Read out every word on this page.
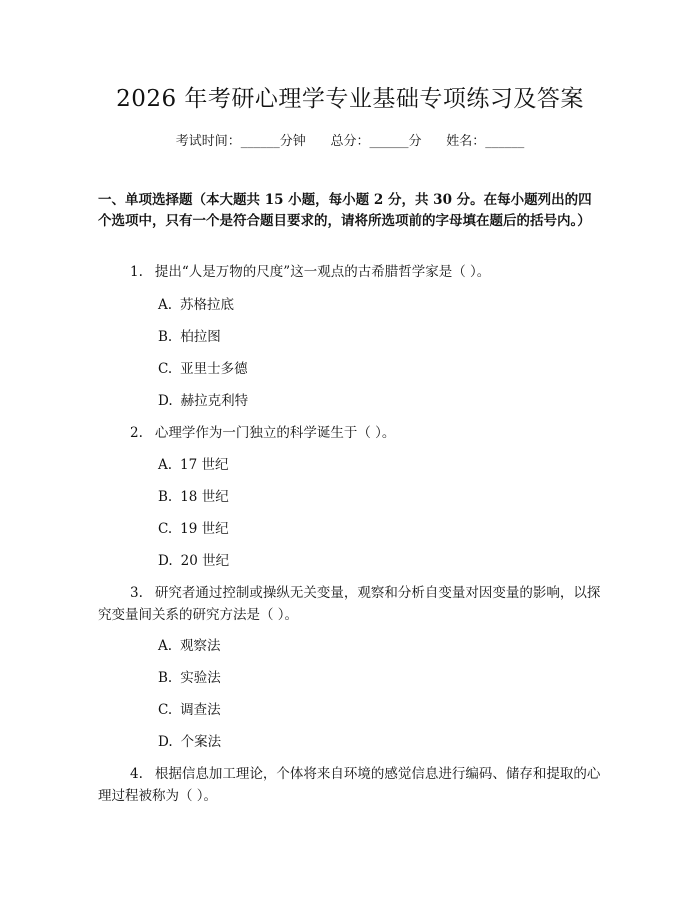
2026 年考研心理学专业基础专项练习及答案
考试时间：______分钟      总分：______分      姓名：______
一、单项选择题（本大题共 15 小题，每小题 2 分，共 30 分。在每小题列出的四个选项中，只有一个是符合题目要求的，请将所选项前的字母填在题后的括号内。）
1. 提出“人是万物的尺度”这一观点的古希腊哲学家是（ ）。
A. 苏格拉底
B. 柏拉图
C. 亚里士多德
D. 赫拉克利特
2. 心理学作为一门独立的科学诞生于（ ）。
A. 17 世纪
B. 18 世纪
C. 19 世纪
D. 20 世纪
3. 研究者通过控制或操纵无关变量，观察和分析自变量对因变量的影响，以探究变量间关系的研究方法是（ ）。
A. 观察法
B. 实验法
C. 调查法
D. 个案法
4. 根据信息加工理论，个体将来自环境的感觉信息进行编码、储存和提取的心理过程被称为（ ）。
